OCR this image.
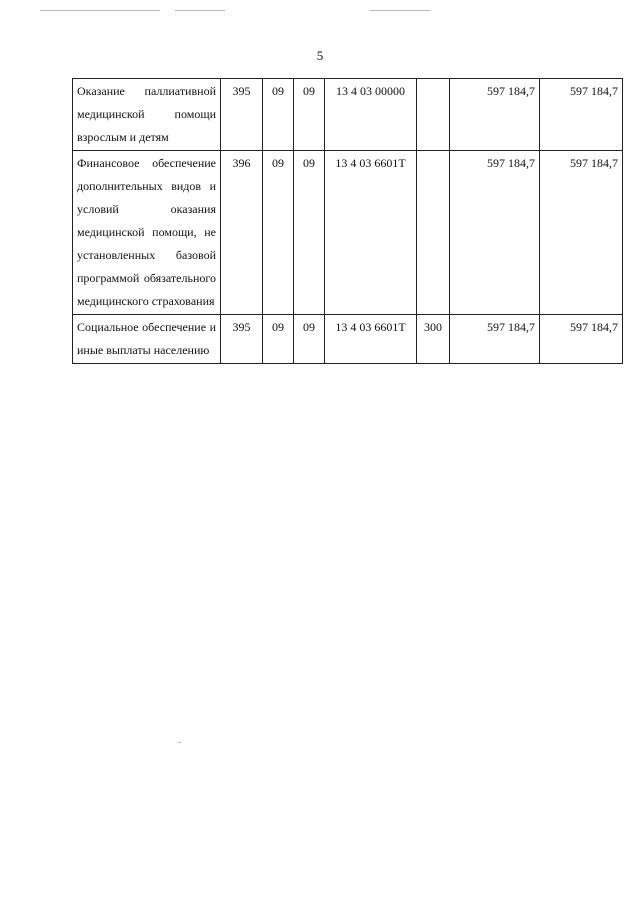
5
Оказание паллиативной медицинской помощи взрослым и детям	395	09	09	13 4 03 00000		597 184,7	597 184,7
Финансовое обеспечение дополнительных видов и условий оказания медицинской помощи, не установленных базовой программой обязательного медицинского страхования	396	09	09	13 4 03 6601Т		597 184,7	597 184,7
Социальное обеспечение и иные выплаты населению	395	09	09	13 4 03 6601Т	300	597 184,7	597 184,7
